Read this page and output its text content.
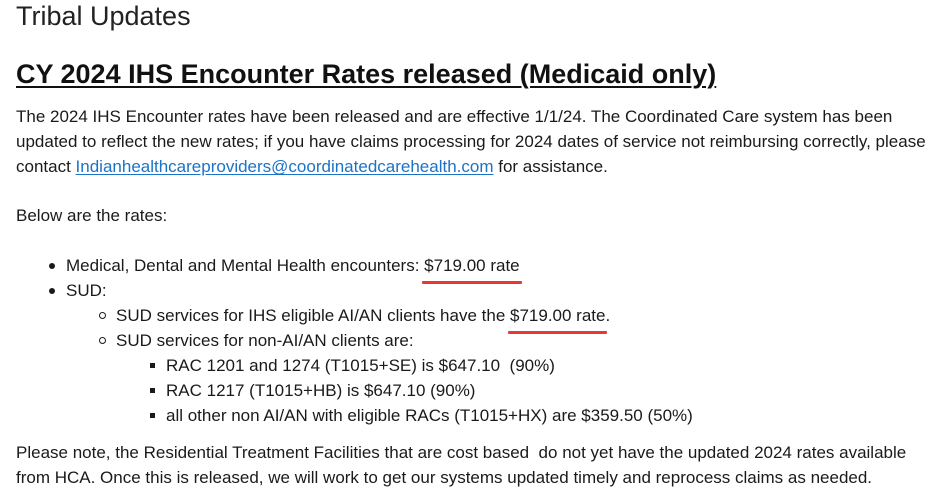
Tribal Updates
CY 2024 IHS Encounter Rates released (Medicaid only)

The 2024 IHS Encounter rates have been released and are effective 1/1/24. The Coordinated Care system has been updated to reflect the new rates; if you have claims processing for 2024 dates of service not reimbursing correctly, please contact Indianhealthcareproviders@coordinatedcarehealth.com for assistance.

Below are the rates:

Medical, Dental and Mental Health encounters: $719.00 rate
SUD:
SUD services for IHS eligible AI/AN clients have the $719.00 rate.
SUD services for non-AI/AN clients are:
RAC 1201 and 1274 (T1015+SE) is $647.10  (90%)
RAC 1217 (T1015+HB) is $647.10 (90%)
all other non AI/AN with eligible RACs (T1015+HX) are $359.50 (50%)

Please note, the Residential Treatment Facilities that are cost based  do not yet have the updated 2024 rates available from HCA. Once this is released, we will work to get our systems updated timely and reprocess claims as needed.
